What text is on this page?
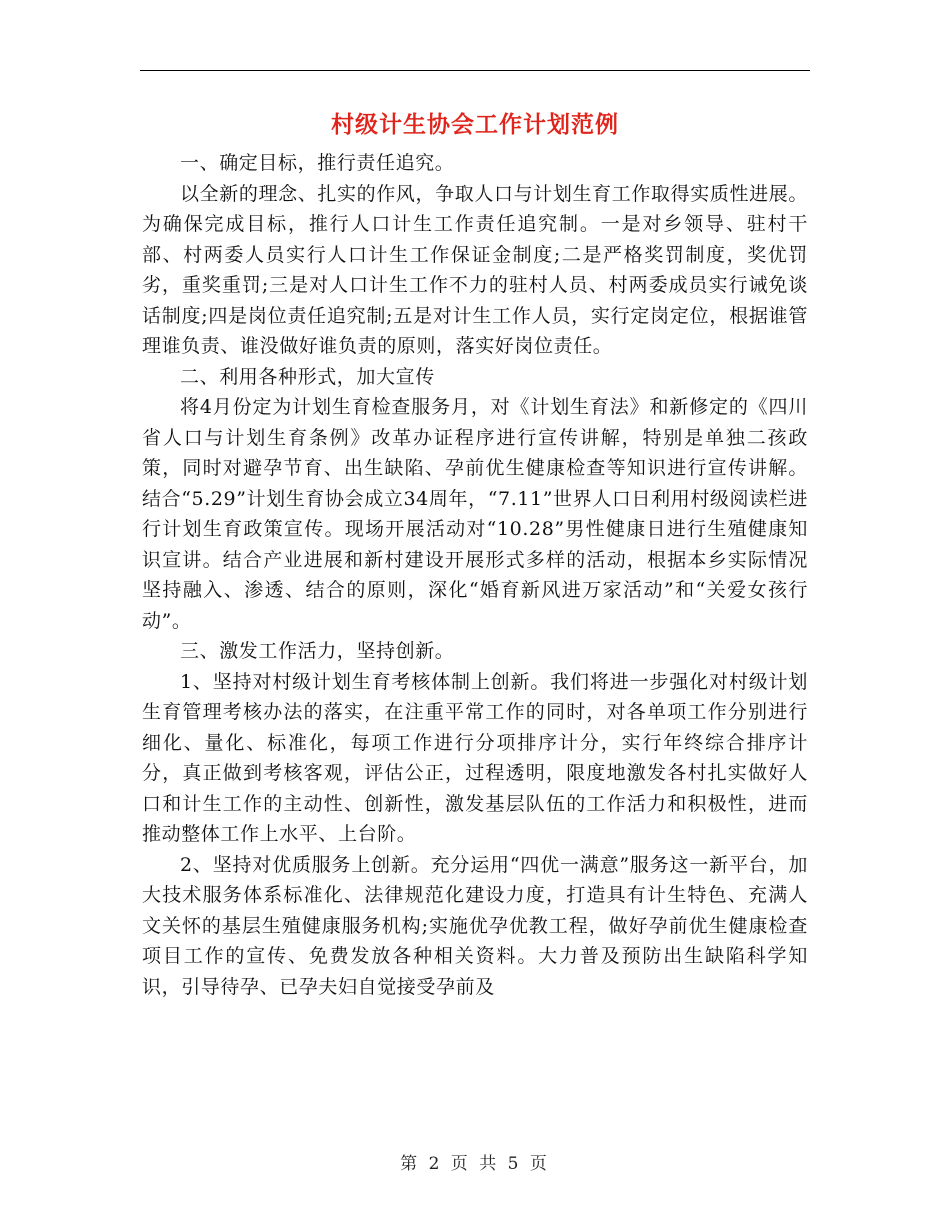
村级计生协会工作计划范例

一、确定目标，推行责任追究。

以全新的理念、扎实的作风，争取人口与计划生育工作取得实质性进展。为确保完成目标，推行人口计生工作责任追究制。一是对乡领导、驻村干部、村两委人员实行人口计生工作保证金制度;二是严格奖罚制度，奖优罚劣，重奖重罚;三是对人口计生工作不力的驻村人员、村两委成员实行诫免谈话制度;四是岗位责任追究制;五是对计生工作人员，实行定岗定位，根据谁管理谁负责、谁没做好谁负责的原则，落实好岗位责任。

二、利用各种形式，加大宣传

将4月份定为计划生育检查服务月，对《计划生育法》和新修定的《四川省人口与计划生育条例》改革办证程序进行宣传讲解，特别是单独二孩政策，同时对避孕节育、出生缺陷、孕前优生健康检查等知识进行宣传讲解。结合“5.29”计划生育协会成立34周年，“7.11”世界人口日利用村级阅读栏进行计划生育政策宣传。现场开展活动对“10.28”男性健康日进行生殖健康知识宣讲。结合产业进展和新村建设开展形式多样的活动，根据本乡实际情况坚持融入、渗透、结合的原则，深化“婚育新风进万家活动”和“关爱女孩行动”。

三、激发工作活力，坚持创新。

1、坚持对村级计划生育考核体制上创新。我们将进一步强化对村级计划生育管理考核办法的落实，在注重平常工作的同时，对各单项工作分别进行细化、量化、标准化，每项工作进行分项排序计分，实行年终综合排序计分，真正做到考核客观，评估公正，过程透明，限度地激发各村扎实做好人口和计生工作的主动性、创新性，激发基层队伍的工作活力和积极性，进而推动整体工作上水平、上台阶。

2、坚持对优质服务上创新。充分运用“四优一满意”服务这一新平台，加大技术服务体系标准化、法律规范化建设力度，打造具有计生特色、充满人文关怀的基层生殖健康服务机构;实施优孕优教工程，做好孕前优生健康检查项目工作的宣传、免费发放各种相关资料。大力普及预防出生缺陷科学知识，引导待孕、已孕夫妇自觉接受孕前及

第 2 页 共 5 页
